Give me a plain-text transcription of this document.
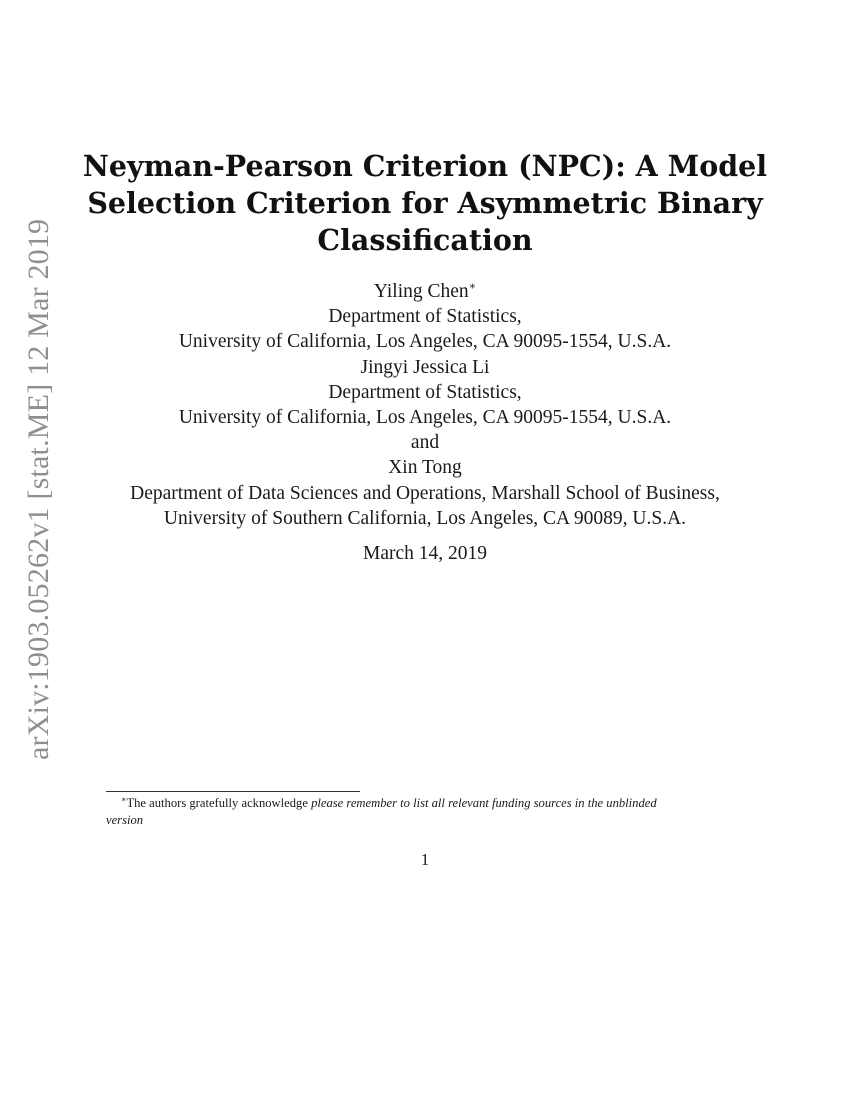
arXiv:1903.05262v1 [stat.ME] 12 Mar 2019
Neyman-Pearson Criterion (NPC): A Model
Selection Criterion for Asymmetric Binary
Classification
Yiling Chen∗
Department of Statistics,
University of California, Los Angeles, CA 90095-1554, U.S.A.
Jingyi Jessica Li
Department of Statistics,
University of California, Los Angeles, CA 90095-1554, U.S.A.
and
Xin Tong
Department of Data Sciences and Operations, Marshall School of Business,
University of Southern California, Los Angeles, CA 90089, U.S.A.
March 14, 2019
∗The authors gratefully acknowledge please remember to list all relevant funding sources in the unblinded
version
1
